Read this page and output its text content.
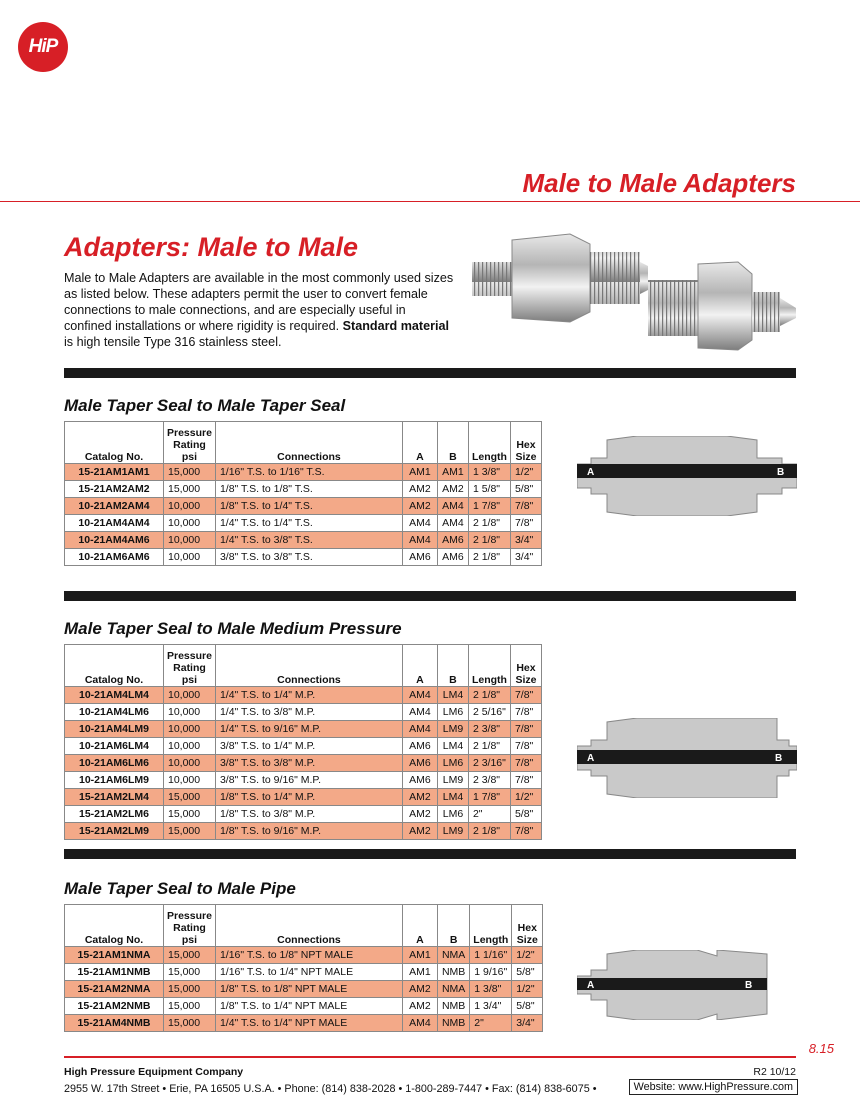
HiP
Male to Male Adapters
Adapters: Male to Male
Male to Male Adapters are available in the most commonly used sizes as listed below. These adapters permit the user to convert female connections to male connections, and are especially useful in confined installations or where rigidity is required. Standard material is high tensile Type 316 stainless steel.
Male Taper Seal to Male Taper Seal
Catalog No.	Pressure
Rating
psi	Connections	A	B	Length	Hex
Size
15-21AM1AM1	15,000	1/16" T.S. to 1/16" T.S.	AM1	AM1	1 3/8"	1/2"
15-21AM2AM2	15,000	1/8" T.S. to 1/8" T.S.	AM2	AM2	1 5/8"	5/8"
10-21AM2AM4	10,000	1/8" T.S. to 1/4" T.S.	AM2	AM4	1 7/8"	7/8"
10-21AM4AM4	10,000	1/4" T.S. to 1/4" T.S.	AM4	AM4	2 1/8"	7/8"
10-21AM4AM6	10,000	1/4" T.S. to 3/8" T.S.	AM4	AM6	2 1/8"	3/4"
10-21AM6AM6	10,000	3/8" T.S. to 3/8" T.S.	AM6	AM6	2 1/8"	3/4"
A	B
Male Taper Seal to Male Medium Pressure
Catalog No.	Pressure
Rating
psi	Connections	A	B	Length	Hex
Size
10-21AM4LM4	10,000	1/4" T.S. to 1/4" M.P.	AM4	LM4	2 1/8"	7/8"
10-21AM4LM6	10,000	1/4" T.S. to 3/8" M.P.	AM4	LM6	2 5/16"	7/8"
10-21AM4LM9	10,000	1/4" T.S. to 9/16" M.P.	AM4	LM9	2 3/8"	7/8"
10-21AM6LM4	10,000	3/8" T.S. to 1/4" M.P.	AM6	LM4	2 1/8"	7/8"
10-21AM6LM6	10,000	3/8" T.S. to 3/8" M.P.	AM6	LM6	2 3/16"	7/8"
10-21AM6LM9	10,000	3/8" T.S. to 9/16" M.P.	AM6	LM9	2 3/8"	7/8"
15-21AM2LM4	15,000	1/8" T.S. to 1/4" M.P.	AM2	LM4	1 7/8"	1/2"
15-21AM2LM6	15,000	1/8" T.S. to 3/8" M.P.	AM2	LM6	2"	5/8"
15-21AM2LM9	15,000	1/8" T.S. to 9/16" M.P.	AM2	LM9	2 1/8"	7/8"
A	B
Male Taper Seal to Male Pipe
Catalog No.	Pressure
Rating
psi	Connections	A	B	Length	Hex
Size
15-21AM1NMA	15,000	1/16" T.S. to 1/8" NPT MALE	AM1	NMA	1 1/16"	1/2"
15-21AM1NMB	15,000	1/16" T.S. to 1/4" NPT MALE	AM1	NMB	1 9/16"	5/8"
15-21AM2NMA	15,000	1/8" T.S. to 1/8" NPT MALE	AM2	NMA	1 3/8"	1/2"
15-21AM2NMB	15,000	1/8" T.S. to 1/4" NPT MALE	AM2	NMB	1 3/4"	5/8"
15-21AM4NMB	15,000	1/4" T.S. to 1/4" NPT MALE	AM4	NMB	2"	3/4"
A	B
8.15
High Pressure Equipment Company	R2 10/12
2955 W. 17th Street • Erie, PA 16505 U.S.A. • Phone: (814) 838-2028 • 1-800-289-7447 • Fax: (814) 838-6075 •	Website: www.HighPressure.com
